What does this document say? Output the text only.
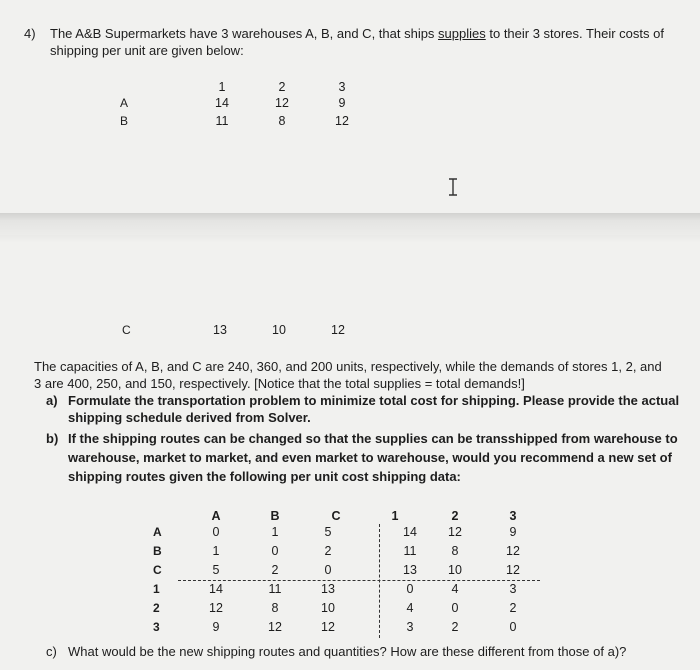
4) The A&B Supermarkets have 3 warehouses A, B, and C, that ships supplies to their 3 stores. Their costs of
shipping per unit are given below:
1	2	3
A	14	12	9
B	11	8	12
C	13	10	12
The capacities of A, B, and C are 240, 360, and 200 units, respectively, while the demands of stores 1, 2, and
3 are 400, 250, and 150, respectively. [Notice that the total supplies = total demands!]
a) Formulate the transportation problem to minimize total cost for shipping. Please provide the actual
shipping schedule derived from Solver.
b) If the shipping routes can be changed so that the supplies can be transshipped from warehouse to
warehouse, market to market, and even market to warehouse, would you recommend a new set of
shipping routes given the following per unit cost shipping data:
A	B	C	1	2	3
A	0	1	5	14	12	9
B	1	0	2	11	8	12
C	5	2	0	13	10	12
1	14	11	13	0	4	3
2	12	8	10	4	0	2
3	9	12	12	3	2	0
c) What would be the new shipping routes and quantities? How are these different from those of a)?
